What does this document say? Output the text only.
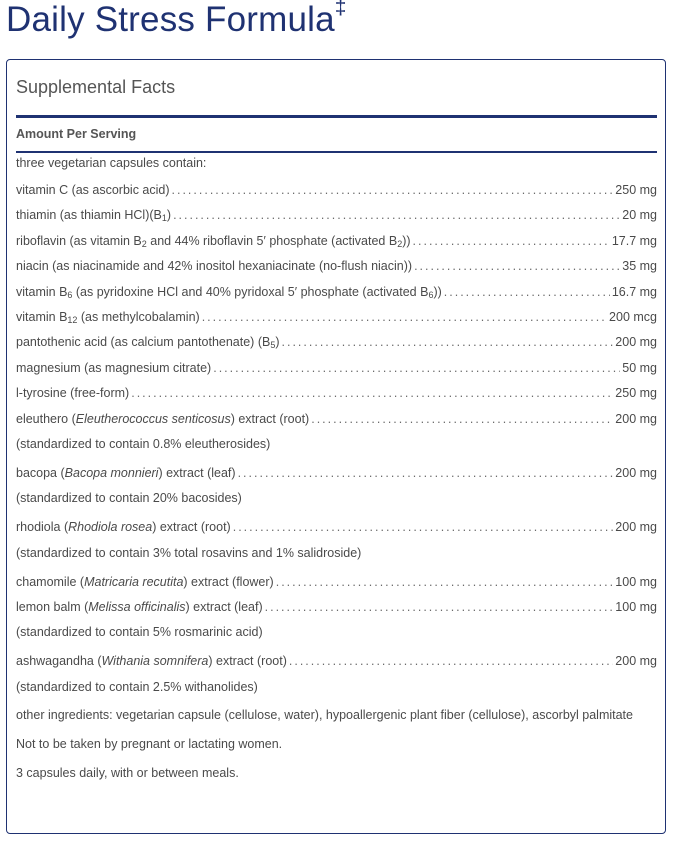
Daily Stress Formula‡
Supplemental Facts
Amount Per Serving
three vegetarian capsules contain:
vitamin C (as ascorbic acid) .....	250 mg
thiamin (as thiamin $HCl)(B_1)$ .....	20 mg
riboflavin (as vitamin $B_2$ and 44% riboflavin 5′ phosphate (activated $B_2$)) .....	17.7 mg
niacin (as niacinamide and 42% inositol hexaniacinate (no-flush niacin)) .....	35 mg
vitamin $B_6$ (as pyridoxine HCl and 40% pyridoxal 5′ phosphate (activated $B_6$)) .....	16.7 mg
vitamin $B_{12}$ (as methylcobalamin) .....	200 mcg
pantothenic acid (as calcium pantothenate) $(B_5)$ .....	200 mg
magnesium (as magnesium citrate) .....	50 mg
l-tyrosine (free-form) .....	250 mg
eleuthero (Eleutherococcus senticosus) extract (root) .....	200 mg
(standardized to contain 0.8% eleutherosides)
bacopa (Bacopa monnieri) extract (leaf) .....	200 mg
(standardized to contain 20% bacosides)
rhodiola (Rhodiola rosea) extract (root) .....	200 mg
(standardized to contain 3% total rosavins and 1% salidroside)
chamomile (Matricaria recutita) extract (flower) .....	100 mg
lemon balm (Melissa officinalis) extract (leaf) .....	100 mg
(standardized to contain 5% rosmarinic acid)
ashwagandha (Withania somnifera) extract (root) .....	200 mg
(standardized to contain 2.5% withanolides)
other ingredients: vegetarian capsule (cellulose, water), hypoallergenic plant fiber (cellulose), ascorbyl palmitate
Not to be taken by pregnant or lactating women.
3 capsules daily, with or between meals.
